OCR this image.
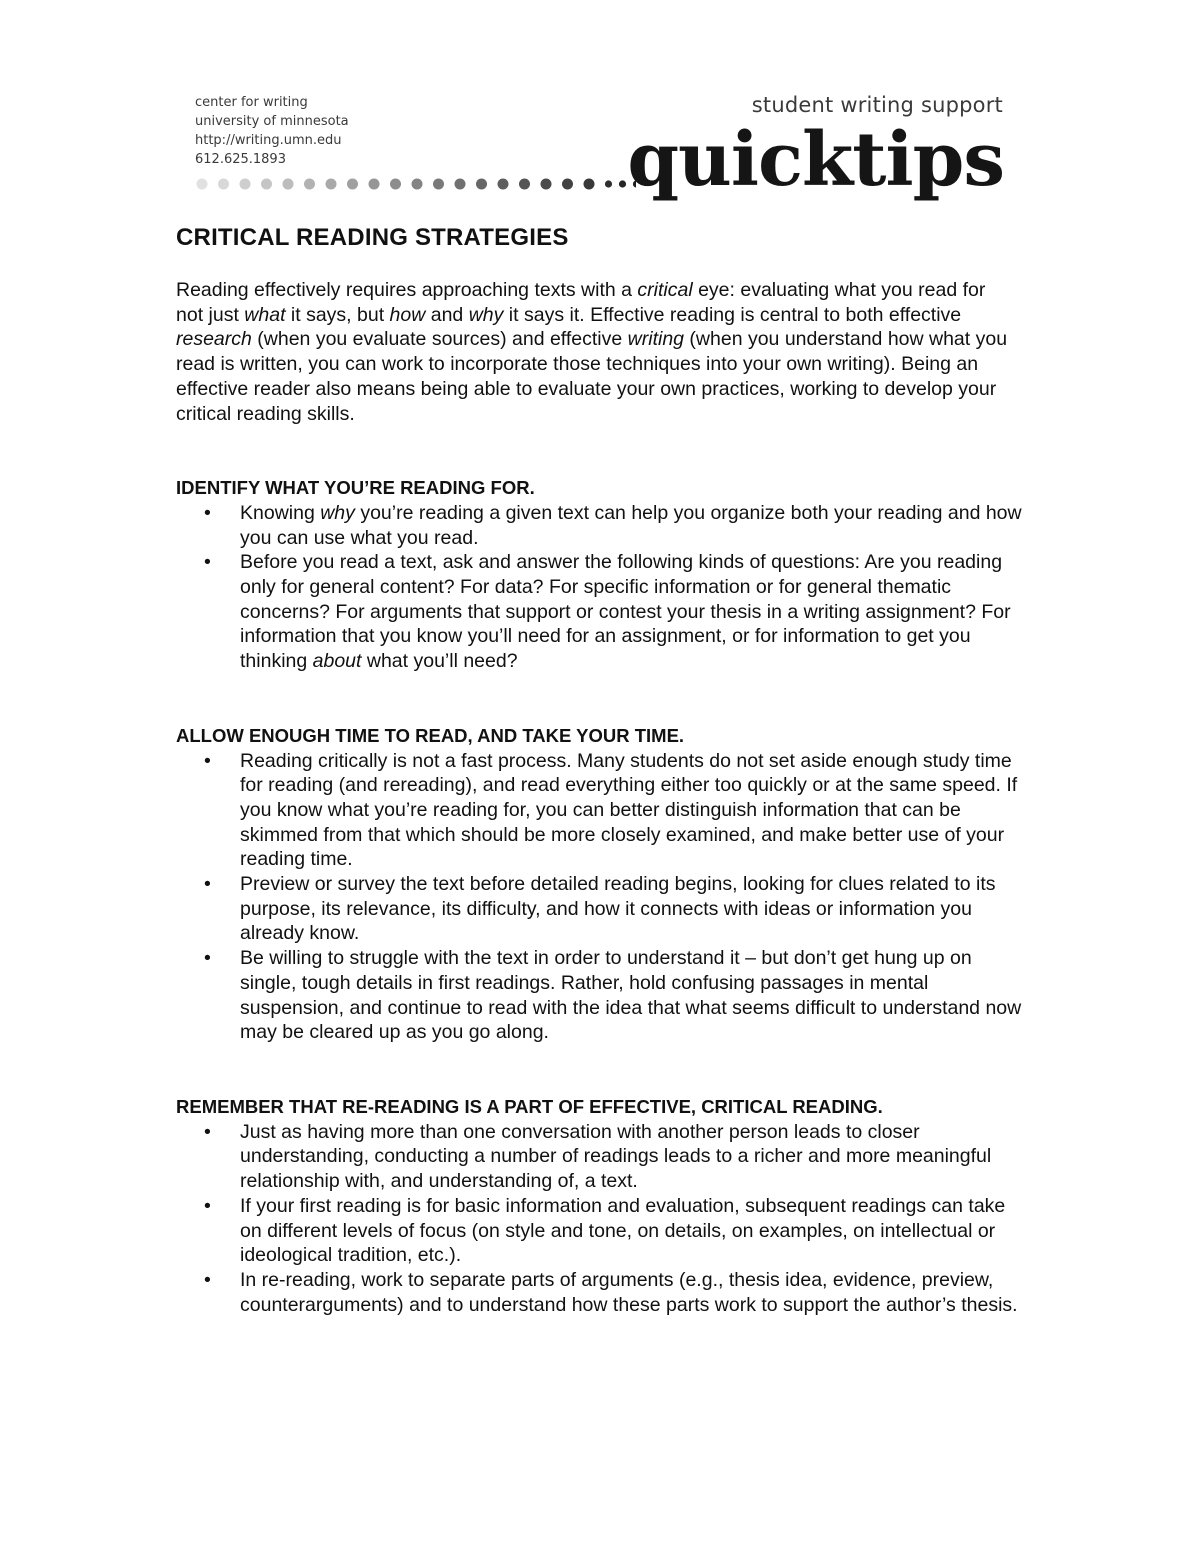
center for writing
university of minnesota
http://writing.umn.edu
612.625.1893
student writing support
quicktips
CRITICAL READING STRATEGIES

Reading effectively requires approaching texts with a critical eye: evaluating what you read for not just what it says, but how and why it says it. Effective reading is central to both effective research (when you evaluate sources) and effective writing (when you understand how what you read is written, you can work to incorporate those techniques into your own writing). Being an effective reader also means being able to evaluate your own practices, working to develop your critical reading skills.

IDENTIFY WHAT YOU’RE READING FOR.
• Knowing why you’re reading a given text can help you organize both your reading and how you can use what you read.
• Before you read a text, ask and answer the following kinds of questions: Are you reading only for general content? For data? For specific information or for general thematic concerns? For arguments that support or contest your thesis in a writing assignment? For information that you know you’ll need for an assignment, or for information to get you thinking about what you’ll need?
ALLOW ENOUGH TIME TO READ, AND TAKE YOUR TIME.
• Reading critically is not a fast process. Many students do not set aside enough study time for reading (and rereading), and read everything either too quickly or at the same speed. If you know what you’re reading for, you can better distinguish information that can be skimmed from that which should be more closely examined, and make better use of your reading time.
• Preview or survey the text before detailed reading begins, looking for clues related to its purpose, its relevance, its difficulty, and how it connects with ideas or information you already know.
• Be willing to struggle with the text in order to understand it – but don’t get hung up on single, tough details in first readings. Rather, hold confusing passages in mental suspension, and continue to read with the idea that what seems difficult to understand now may be cleared up as you go along.
REMEMBER THAT RE-READING IS A PART OF EFFECTIVE, CRITICAL READING.
• Just as having more than one conversation with another person leads to closer understanding, conducting a number of readings leads to a richer and more meaningful relationship with, and understanding of, a text.
• If your first reading is for basic information and evaluation, subsequent readings can take on different levels of focus (on style and tone, on details, on examples, on intellectual or ideological tradition, etc.).
• In re-reading, work to separate parts of arguments (e.g., thesis idea, evidence, preview, counterarguments) and to understand how these parts work to support the author’s thesis.
